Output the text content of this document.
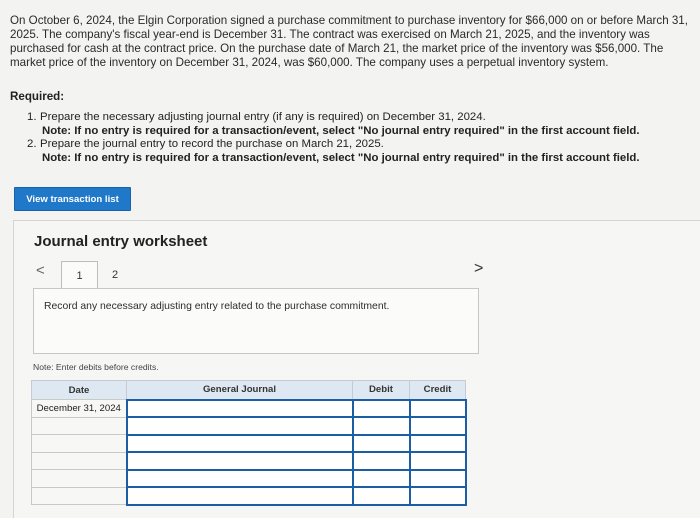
On October 6, 2024, the Elgin Corporation signed a purchase commitment to purchase inventory for $66,000 on or before March 31,
2025. The company's fiscal year-end is December 31. The contract was exercised on March 21, 2025, and the inventory was
purchased for cash at the contract price. On the purchase date of March 21, the market price of the inventory was $56,000. The
market price of the inventory on December 31, 2024, was $60,000. The company uses a perpetual inventory system.
Required:
1. Prepare the necessary adjusting journal entry (if any is required) on December 31, 2024.
Note: If no entry is required for a transaction/event, select "No journal entry required" in the first account field.
2. Prepare the journal entry to record the purchase on March 21, 2025.
Note: If no entry is required for a transaction/event, select "No journal entry required" in the first account field.
View transaction list
Journal entry worksheet
<	1	2	>
Record any necessary adjusting entry related to the purchase commitment.
Note: Enter debits before credits.
Date	General Journal	Debit	Credit
December 31, 2024			
